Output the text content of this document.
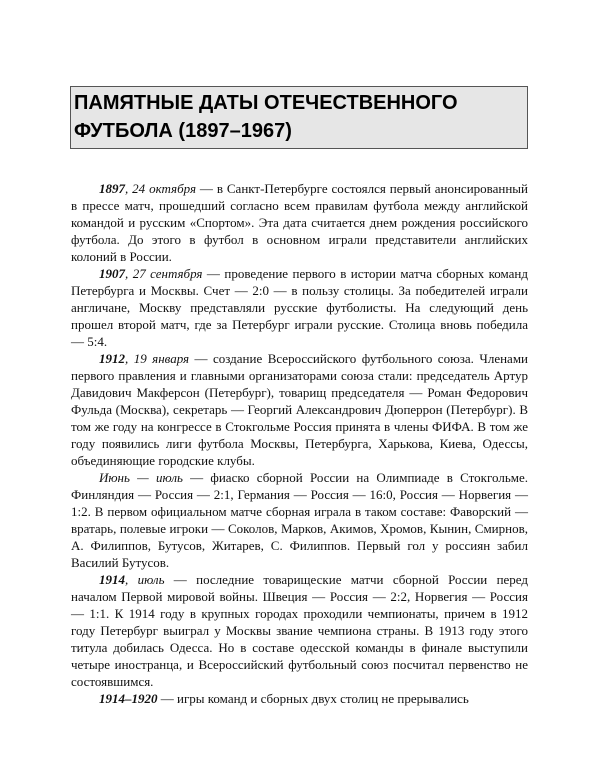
ПАМЯТНЫЕ ДАТЫ ОТЕЧЕСТВЕННОГО ФУТБОЛА (1897–1967)

1897, 24 октября — в Санкт-Петербурге состоялся первый анонсированный в прессе матч, прошедший согласно всем правилам футбола между английской командой и русским «Спортом». Эта дата считается днем рождения российского футбола. До этого в футбол в основном играли представители английских колоний в России.

1907, 27 сентября — проведение первого в истории матча сборных команд Петербурга и Москвы. Счет — 2:0 — в пользу столицы. За победителей играли англичане, Москву представляли русские футболисты. На следующий день прошел второй матч, где за Петербург играли русские. Столица вновь победила — 5:4.

1912, 19 января — создание Всероссийского футбольного союза. Членами первого правления и главными организаторами союза стали: председатель Артур Давидович Макферсон (Петербург), товарищ председателя — Роман Федорович Фульда (Москва), секретарь — Георгий Александрович Дюперрон (Петербург). В том же году на конгрессе в Стокгольме Россия принята в члены ФИФА. В том же году появились лиги футбола Москвы, Петербурга, Харькова, Киева, Одессы, объединяющие городские клубы.

Июнь — июль — фиаско сборной России на Олимпиаде в Стокгольме. Финляндия — Россия — 2:1, Германия — Россия — 16:0, Россия — Норвегия — 1:2. В первом официальном матче сборная играла в таком составе: Фаворский — вратарь, полевые игроки — Соколов, Марков, Акимов, Хромов, Кынин, Смирнов, А. Филиппов, Бутусов, Житарев, С. Филиппов. Первый гол у россиян забил Василий Бутусов.

1914, июль — последние товарищеские матчи сборной России перед началом Первой мировой войны. Швеция — Россия — 2:2, Норвегия — Россия — 1:1. К 1914 году в крупных городах проходили чемпионаты, причем в 1912 году Петербург выиграл у Москвы звание чемпиона страны. В 1913 году этого титула добилась Одесса. Но в составе одесской команды в финале выступили четыре иностранца, и Всероссийский футбольный союз посчитал первенство не состоявшимся.

1914–1920 — игры команд и сборных двух столиц не прерывались
